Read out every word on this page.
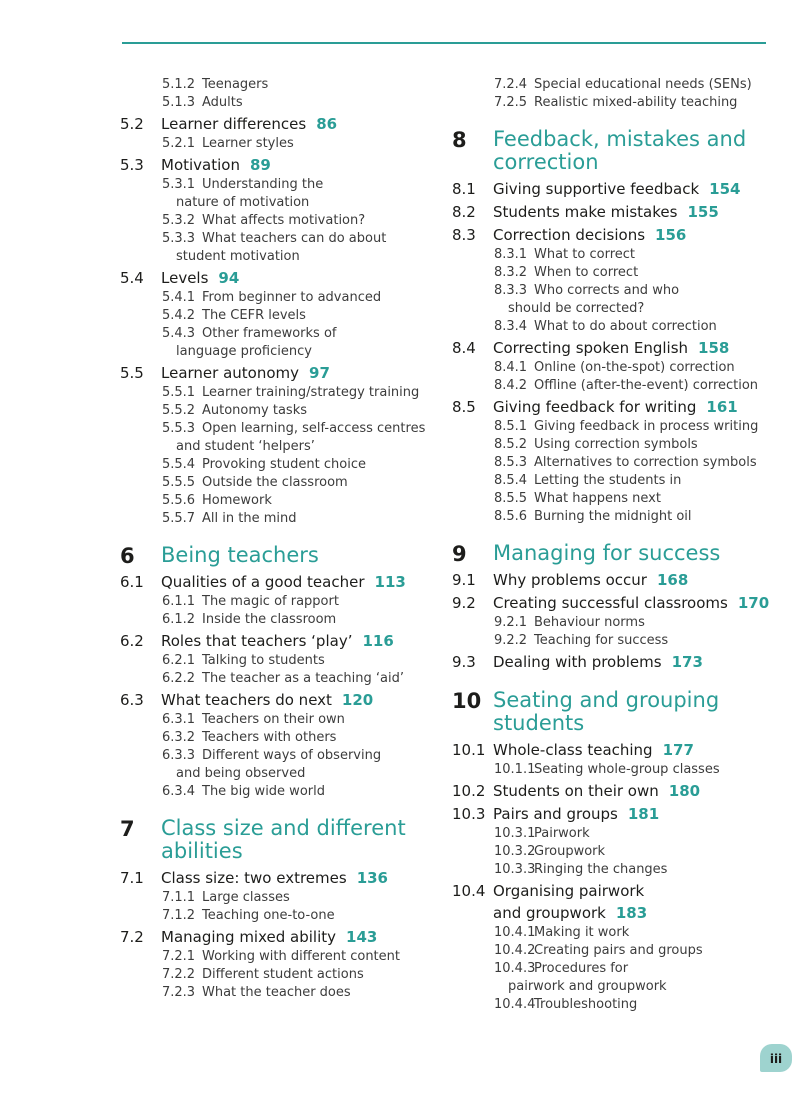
5.1.2 Teenagers
5.1.3 Adults
5.2 Learner differences 86
5.2.1 Learner styles
5.3 Motivation 89
5.3.1 Understanding the
nature of motivation
5.3.2 What affects motivation?
5.3.3 What teachers can do about
student motivation
5.4 Levels 94
5.4.1 From beginner to advanced
5.4.2 The CEFR levels
5.4.3 Other frameworks of
language proficiency
5.5 Learner autonomy 97
5.5.1 Learner training/strategy training
5.5.2 Autonomy tasks
5.5.3 Open learning, self-access centres
and student ‘helpers’
5.5.4 Provoking student choice
5.5.5 Outside the classroom
5.5.6 Homework
5.5.7 All in the mind
6 Being teachers
6.1 Qualities of a good teacher 113
6.1.1 The magic of rapport
6.1.2 Inside the classroom
6.2 Roles that teachers ‘play’ 116
6.2.1 Talking to students
6.2.2 The teacher as a teaching ‘aid’
6.3 What teachers do next 120
6.3.1 Teachers on their own
6.3.2 Teachers with others
6.3.3 Different ways of observing
and being observed
6.3.4 The big wide world
7 Class size and different
abilities
7.1 Class size: two extremes 136
7.1.1 Large classes
7.1.2 Teaching one-to-one
7.2 Managing mixed ability 143
7.2.1 Working with different content
7.2.2 Different student actions
7.2.3 What the teacher does
7.2.4 Special educational needs (SENs)
7.2.5 Realistic mixed-ability teaching
8 Feedback, mistakes and
correction
8.1 Giving supportive feedback 154
8.2 Students make mistakes 155
8.3 Correction decisions 156
8.3.1 What to correct
8.3.2 When to correct
8.3.3 Who corrects and who
should be corrected?
8.3.4 What to do about correction
8.4 Correcting spoken English 158
8.4.1 Online (on-the-spot) correction
8.4.2 Offline (after-the-event) correction
8.5 Giving feedback for writing 161
8.5.1 Giving feedback in process writing
8.5.2 Using correction symbols
8.5.3 Alternatives to correction symbols
8.5.4 Letting the students in
8.5.5 What happens next
8.5.6 Burning the midnight oil
9 Managing for success
9.1 Why problems occur 168
9.2 Creating successful classrooms 170
9.2.1 Behaviour norms
9.2.2 Teaching for success
9.3 Dealing with problems 173
10 Seating and grouping
students
10.1 Whole-class teaching 177
10.1.1Seating whole-group classes
10.2 Students on their own 180
10.3 Pairs and groups 181
10.3.1Pairwork
10.3.2Groupwork
10.3.3Ringing the changes
10.4 Organising pairwork
and groupwork 183
10.4.1Making it work
10.4.2Creating pairs and groups
10.4.3Procedures for
pairwork and groupwork
10.4.4Troubleshooting
iii
